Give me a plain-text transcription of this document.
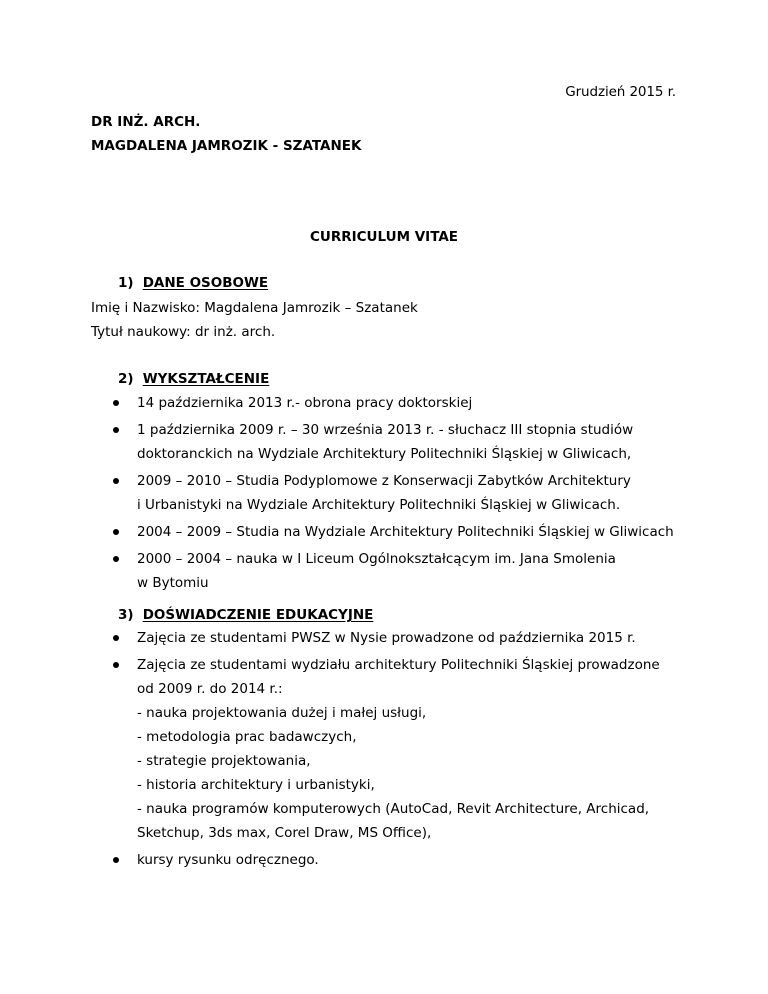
Grudzień 2015 r.
DR INŻ. ARCH.
MAGDALENA JAMROZIK - SZATANEK
CURRICULUM VITAE
1) DANE OSOBOWE
Imię i Nazwisko: Magdalena Jamrozik – Szatanek
Tytuł naukowy: dr inż. arch.
2) WYKSZTAŁCENIE
14 października 2013 r.- obrona pracy doktorskiej
1 października 2009 r. – 30 września 2013 r. - słuchacz III stopnia studiów
doktoranckich na Wydziale Architektury Politechniki Śląskiej w Gliwicach,
2009 – 2010 – Studia Podyplomowe z Konserwacji Zabytków Architektury
i Urbanistyki na Wydziale Architektury Politechniki Śląskiej w Gliwicach.
2004 – 2009 – Studia na Wydziale Architektury Politechniki Śląskiej w Gliwicach
2000 – 2004 – nauka w I Liceum Ogólnokształcącym im. Jana Smolenia
w Bytomiu
3) DOŚWIADCZENIE EDUKACYJNE
Zajęcia ze studentami PWSZ w Nysie prowadzone od października 2015 r.
Zajęcia ze studentami wydziału architektury Politechniki Śląskiej prowadzone
od 2009 r. do 2014 r.:
- nauka projektowania dużej i małej usługi,
- metodologia prac badawczych,
- strategie projektowania,
- historia architektury i urbanistyki,
- nauka programów komputerowych (AutoCad, Revit Architecture, Archicad,
Sketchup, 3ds max, Corel Draw, MS Office),
kursy rysunku odręcznego.
